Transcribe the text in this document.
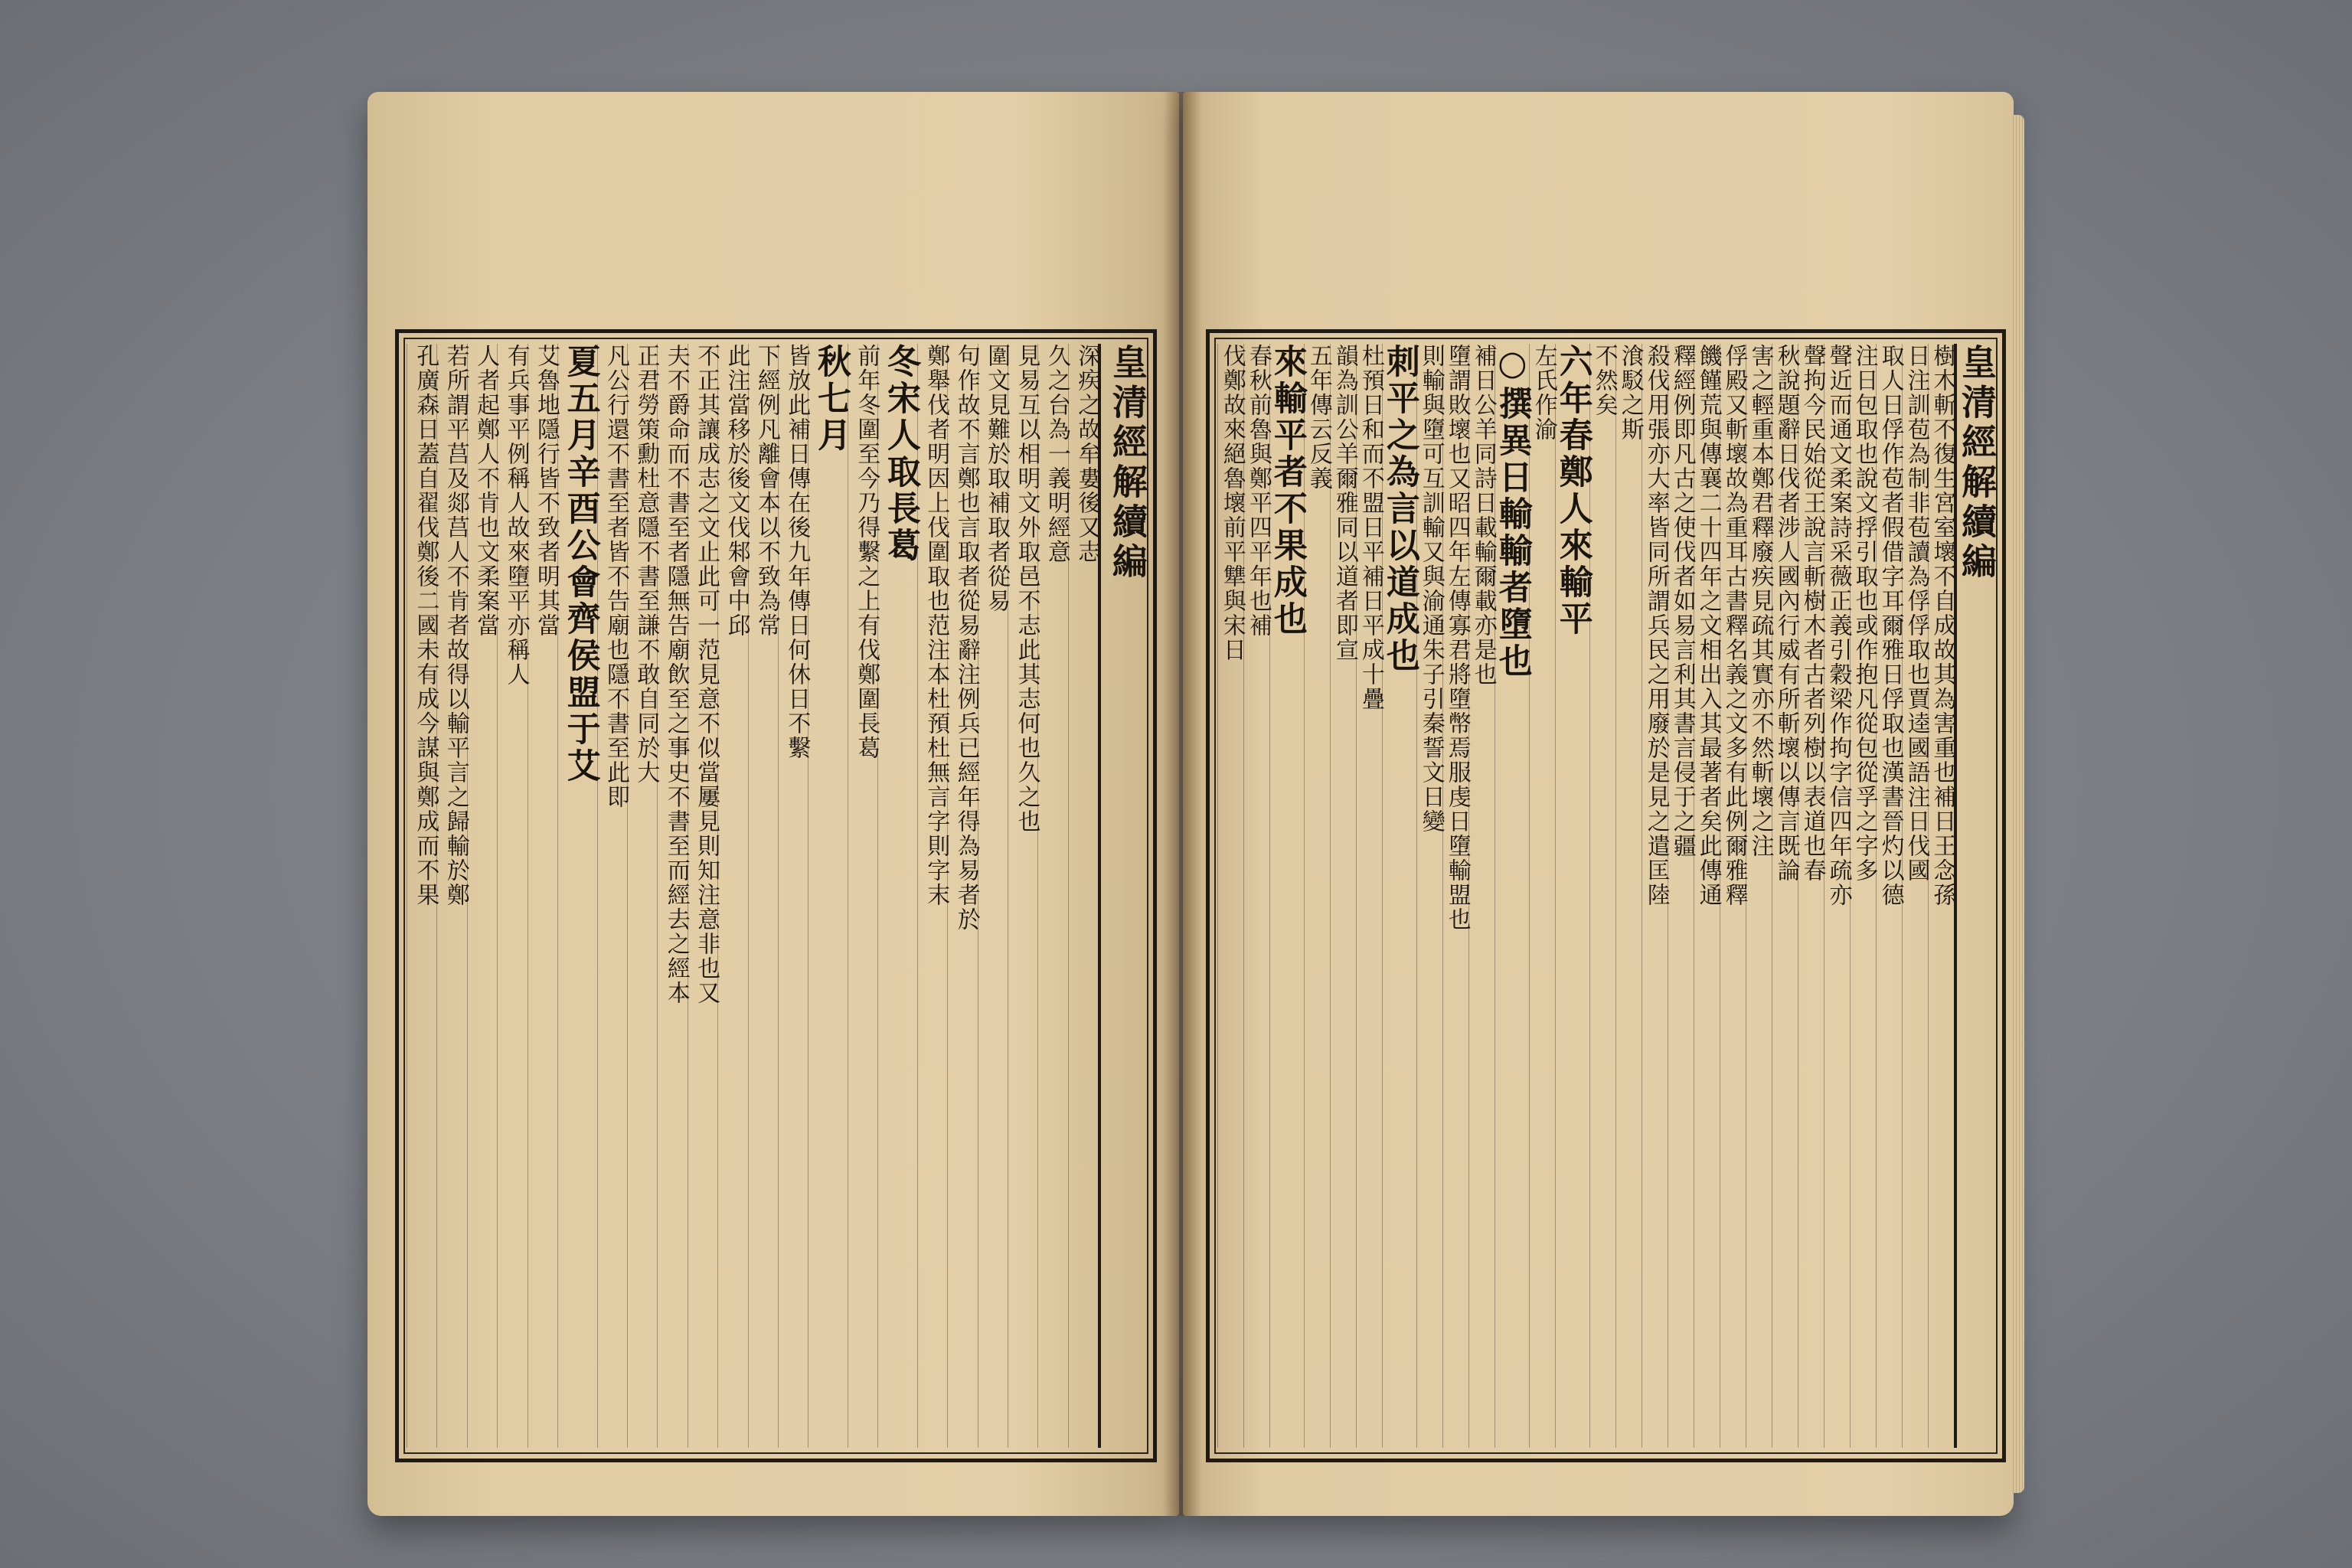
皇清經解續編
深疾之故牟婁後又志
久之台為一義明經意
見易互以相明文外取邑不志此其志何也久之也
圍文見難於取補取者從易
句作故不言鄭也言取者從易辭注例兵已經年得為易者於
鄭舉伐者明因上伐圍取也范注本杜預杜無言字則字末
冬宋人取長葛
前年冬圍至今乃得繫之上有伐鄭圍長葛
秋七月
皆放此補日傳在後九年傳日何休日不繫
下經例凡離會本以不致為常
此注當移於後文伐邾會中邱
不正其讓成志之文止此可一范見意不似當屢見則知注意非也又
夫不爵命而不書至者隱無告廟飲至之事史不書至而經去之經本
正君勞策勳杜意隱不書至謙不敢自同於大
凡公行還不書至者皆不告廟也隱不書至此即
夏五月辛酉公會齊侯盟于艾
艾魯地隱行皆不致者明其當
有兵事平例稱人故來墮平亦稱人
人者起鄭人不肯也文柔案當
若所謂平莒及郯莒人不肯者故得以輸平言之歸輸於鄭
孔廣森日蓋自翟伐鄭後二國未有成今謀與鄭成而不果	皇清經解續編
樹木斬不復生宮室壞不自成故其為害重也補日王念孫
日注訓苞為制非苞讀為俘俘取也賈逵國語注日伐國
取人日俘作苞者假借字耳爾雅日俘取也漢書晉灼以德
注日包取也說文捊引取也或作抱凡從包從孚之字多
聲近而通文柔案詩采薇正義引穀梁作拘字信四年疏亦
聲拘今民始從王說言斬樹木者古者列樹以表道也春
秋說題辭日伐者涉人國內行威有所斬壞以傳言既論
害之輕重本鄭君釋廢疾見疏其實亦不然斬壞之注
俘殿又斬壞故為重耳古書釋名義之文多有此例爾雅釋
饑饉荒與傳襄二十四年之文相出入其最著者矣此傳通
釋經例即凡古之使伐者如易言利其書言侵于之疆
殺伐用張亦大率皆同所謂兵民之用廢於是見之遣匡陸
湌駁之斯
不然矣
六年春鄭人來輸平
左氏作渝
○撰異日輸輸者墮也
補日公羊同詩日載輸爾載亦是也
墮謂敗壞也又昭四年左傳寡君將墮幣焉服虔日墮輸盟也
則輸與墮可互訓輸又與渝通朱子引秦誓文日變
刺平之為言以道成也
杜預日和而不盟日平補日平成十疊
韻為訓公羊爾雅同以道者即宣
五年傳云反義
來輸平者不果成也
春秋前魯與鄭平四平年也補
伐鄭故來絕魯壞前平犨與宋日
